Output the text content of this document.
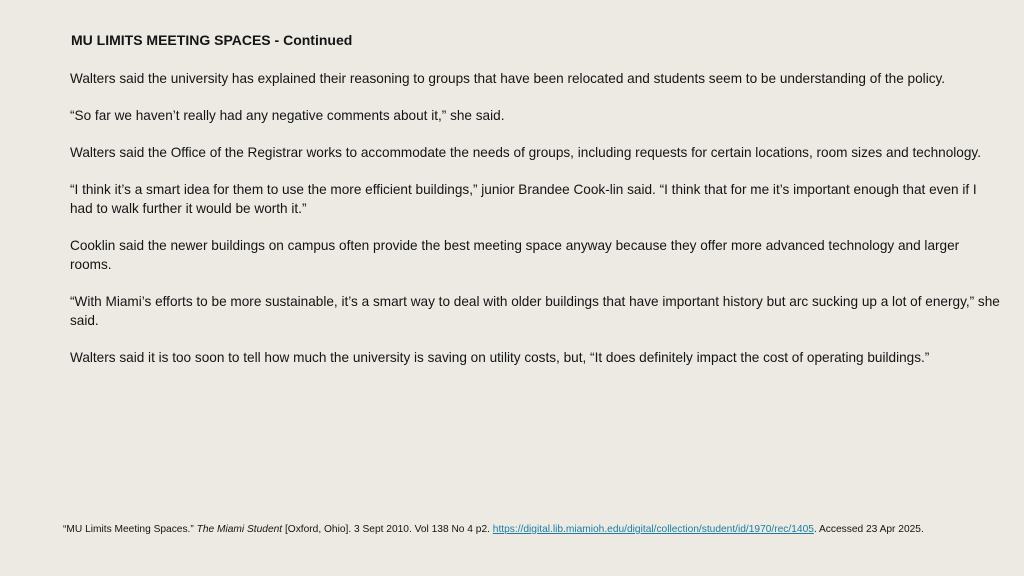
MU LIMITS MEETING SPACES - Continued

Walters said the university has explained their reasoning to groups that have been relocated and students seem to be understanding of the policy.

“So far we haven’t really had any negative comments about it,” she said.

Walters said the Office of the Registrar works to accommodate the needs of groups, including requests for certain locations, room sizes and technology.

“I think it’s a smart idea for them to use the more efficient buildings,” junior Brandee Cook-lin said. “I think that for me it’s important enough that even if I had to walk further it would be worth it.”

Cooklin said the newer buildings on campus often provide the best meeting space anyway because they offer more advanced technology and larger rooms.

“With Miami’s efforts to be more sustainable, it’s a smart way to deal with older buildings that have important history but arc sucking up a lot of energy,” she said.

Walters said it is too soon to tell how much the university is saving on utility costs, but, “It does definitely impact the cost of operating buildings.”

“MU Limits Meeting Spaces.” The Miami Student [Oxford, Ohio]. 3 Sept 2010. Vol 138 No 4 p2. https://digital.lib.miamioh.edu/digital/collection/student/id/1970/rec/1405. Accessed 23 Apr 2025.
